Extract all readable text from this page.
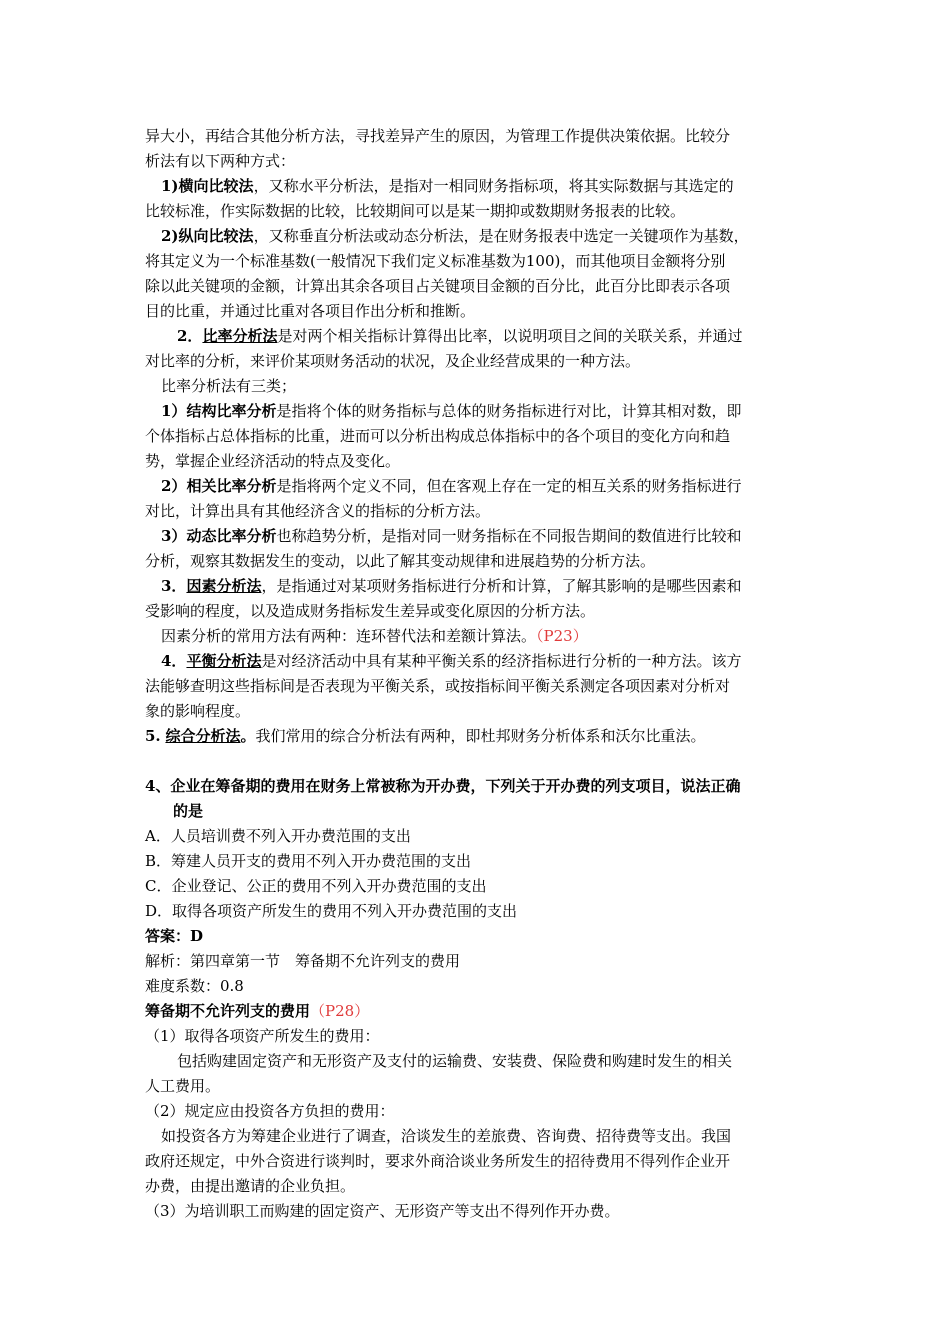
异大小，再结合其他分析方法，寻找差异产生的原因，为管理工作提供决策依据。比较分
析法有以下两种方式：
1)横向比较法，又称水平分析法，是指对一相同财务指标项，将其实际数据与其选定的
比较标准，作实际数据的比较，比较期间可以是某一期抑或数期财务报表的比较。
2)纵向比较法，又称垂直分析法或动态分析法，是在财务报表中选定一关键项作为基数，
将其定义为一个标准基数(一般情况下我们定义标准基数为100)，而其他项目金额将分别
除以此关键项的金额，计算出其余各项目占关键项目金额的百分比，此百分比即表示各项
目的比重，并通过比重对各项目作出分析和推断。
2．比率分析法是对两个相关指标计算得出比率，以说明项目之间的关联关系，并通过
对比率的分析，来评价某项财务活动的状况，及企业经营成果的一种方法。
比率分析法有三类；
1）结构比率分析是指将个体的财务指标与总体的财务指标进行对比，计算其相对数，即
个体指标占总体指标的比重，进而可以分析出构成总体指标中的各个项目的变化方向和趋
势，掌握企业经济活动的特点及变化。
2）相关比率分析是指将两个定义不同，但在客观上存在一定的相互关系的财务指标进行
对比，计算出具有其他经济含义的指标的分析方法。
3）动态比率分析也称趋势分析，是指对同一财务指标在不同报告期间的数值进行比较和
分析，观察其数据发生的变动，以此了解其变动规律和进展趋势的分析方法。
3．因素分析法，是指通过对某项财务指标进行分析和计算，了解其影响的是哪些因素和
受影响的程度，以及造成财务指标发生差异或变化原因的分析方法。
因素分析的常用方法有两种：连环替代法和差额计算法。（P23）
4．平衡分析法是对经济活动中具有某种平衡关系的经济指标进行分析的一种方法。该方
法能够查明这些指标间是否表现为平衡关系，或按指标间平衡关系测定各项因素对分析对
象的影响程度。
5. 综合分析法。我们常用的综合分析法有两种，即杜邦财务分析体系和沃尔比重法。
4、企业在筹备期的费用在财务上常被称为开办费，下列关于开办费的列支项目，说法正确
的是
A．人员培训费不列入开办费范围的支出
B．筹建人员开支的费用不列入开办费范围的支出
C．企业登记、公正的费用不列入开办费范围的支出
D．取得各项资产所发生的费用不列入开办费范围的支出
答案：D
解析：第四章第一节　筹备期不允许列支的费用
难度系数：0.8
筹备期不允许列支的费用（P28）
（1）取得各项资产所发生的费用：
包括购建固定资产和无形资产及支付的运输费、安装费、保险费和购建时发生的相关
人工费用。
（2）规定应由投资各方负担的费用：
如投资各方为筹建企业进行了调查，洽谈发生的差旅费、咨询费、招待费等支出。我国
政府还规定，中外合资进行谈判时，要求外商洽谈业务所发生的招待费用不得列作企业开
办费，由提出邀请的企业负担。
（3）为培训职工而购建的固定资产、无形资产等支出不得列作开办费。
